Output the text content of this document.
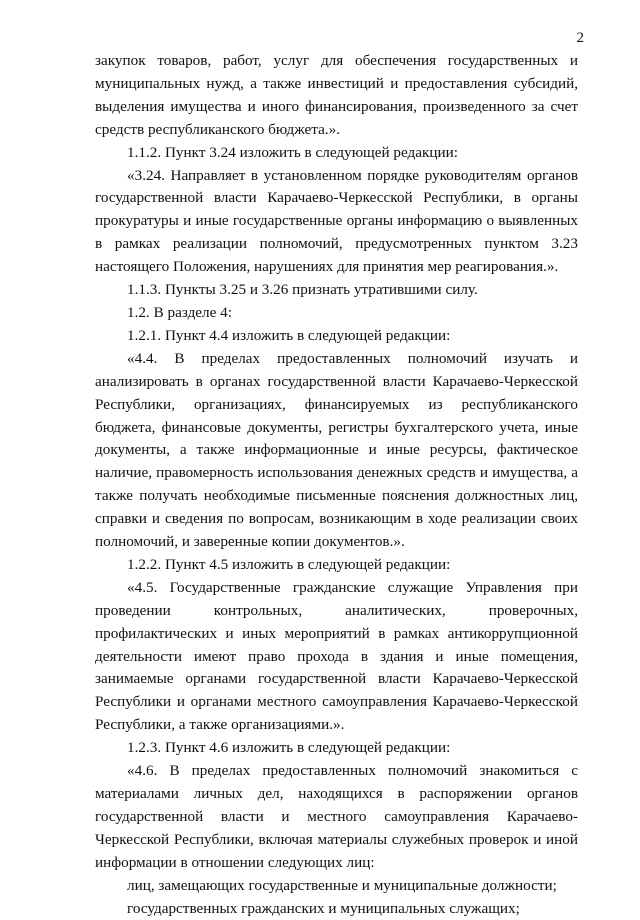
2

закупок товаров, работ, услуг для обеспечения государственных и муниципальных нужд, а также инвестиций и предоставления субсидий, выделения имущества и иного финансирования, произведенного за счет средств республиканского бюджета.».

1.1.2. Пункт 3.24 изложить в следующей редакции:

«3.24. Направляет в установленном порядке руководителям органов государственной власти Карачаево-Черкесской Республики, в органы прокуратуры и иные государственные органы информацию о выявленных в рамках реализации полномочий, предусмотренных пунктом 3.23 настоящего Положения, нарушениях для принятия мер реагирования.».

1.1.3. Пункты 3.25 и 3.26 признать утратившими силу.

1.2. В разделе 4:

1.2.1. Пункт 4.4 изложить в следующей редакции:

«4.4. В пределах предоставленных полномочий изучать и анализировать в органах государственной власти Карачаево-Черкесской Республики, организациях, финансируемых из республиканского бюджета, финансовые документы, регистры бухгалтерского учета, иные документы, а также информационные и иные ресурсы, фактическое наличие, правомерность использования денежных средств и имущества, а также получать необходимые письменные пояснения должностных лиц, справки и сведения по вопросам, возникающим в ходе реализации своих полномочий, и заверенные копии документов.».

1.2.2. Пункт 4.5 изложить в следующей редакции:

«4.5. Государственные гражданские служащие Управления при проведении контрольных, аналитических, проверочных, профилактических и иных мероприятий в рамках антикоррупционной деятельности имеют право прохода в здания и иные помещения, занимаемые органами государственной власти Карачаево-Черкесской Республики и органами местного самоуправления Карачаево-Черкесской Республики, а также организациями.».

1.2.3. Пункт 4.6 изложить в следующей редакции:

«4.6. В пределах предоставленных полномочий знакомиться с материалами личных дел, находящихся в распоряжении органов государственной власти и местного самоуправления Карачаево-Черкесской Республики, включая материалы служебных проверок и иной информации в отношении следующих лиц:

лиц, замещающих государственные и муниципальные должности;

государственных гражданских и муниципальных служащих;
